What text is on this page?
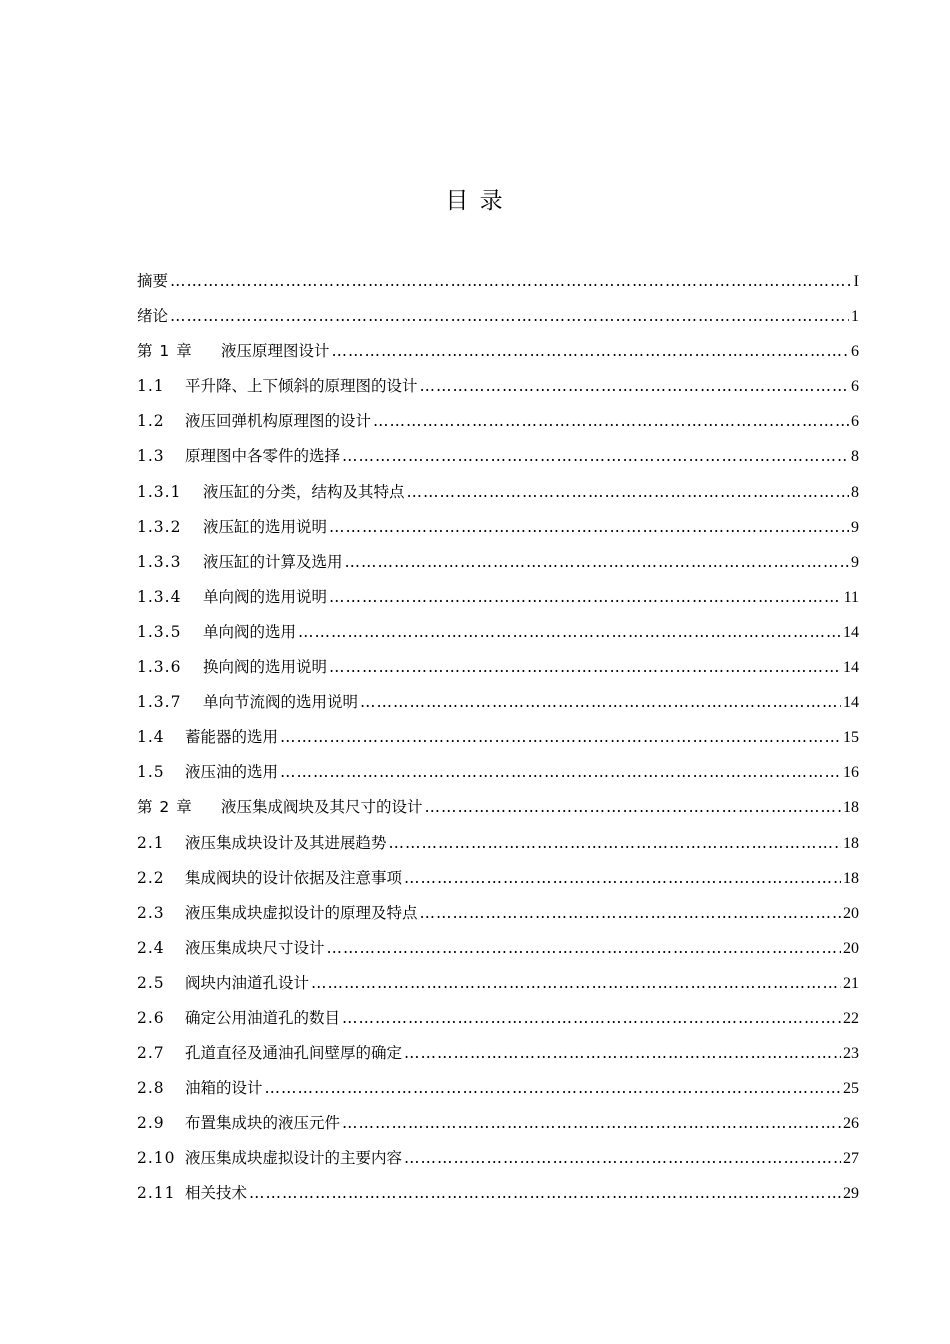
目 录
摘要 ……………………………………………………………………………………………………………………………………………………	I
绪论 ……………………………………………………………………………………………………………………………………………………	1
第 1 章	液压原理图设计 ……………………………………………………………………………………………………………………………………………………	6
1.1	平升降、上下倾斜的原理图的设计 ……………………………………………………………………………………………………………………………………………………	6
1.2	液压回弹机构原理图的设计 ……………………………………………………………………………………………………………………………………………………	6
1.3	原理图中各零件的选择 ……………………………………………………………………………………………………………………………………………………	8
1.3.1	液压缸的分类，结构及其特点 ……………………………………………………………………………………………………………………………………………………	8
1.3.2	液压缸的选用说明 ……………………………………………………………………………………………………………………………………………………	9
1.3.3	液压缸的计算及选用 ……………………………………………………………………………………………………………………………………………………	9
1.3.4	单向阀的选用说明 ……………………………………………………………………………………………………………………………………………………	11
1.3.5	单向阀的选用 ……………………………………………………………………………………………………………………………………………………	14
1.3.6	换向阀的选用说明 ……………………………………………………………………………………………………………………………………………………	14
1.3.7	单向节流阀的选用说明 ……………………………………………………………………………………………………………………………………………………	14
1.4	蓄能器的选用 ……………………………………………………………………………………………………………………………………………………	15
1.5	液压油的选用 ……………………………………………………………………………………………………………………………………………………	16
第 2 章	液压集成阀块及其尺寸的设计 ……………………………………………………………………………………………………………………………………………………	18
2.1	液压集成块设计及其进展趋势 ……………………………………………………………………………………………………………………………………………………	18
2.2	集成阀块的设计依据及注意事项 ……………………………………………………………………………………………………………………………………………………	18
2.3	液压集成块虚拟设计的原理及特点 ……………………………………………………………………………………………………………………………………………………	20
2.4	液压集成块尺寸设计 ……………………………………………………………………………………………………………………………………………………	20
2.5	阀块内油道孔设计 ……………………………………………………………………………………………………………………………………………………	21
2.6	确定公用油道孔的数目 ……………………………………………………………………………………………………………………………………………………	22
2.7	孔道直径及通油孔间壁厚的确定 ……………………………………………………………………………………………………………………………………………………	23
2.8	油箱的设计 ……………………………………………………………………………………………………………………………………………………	25
2.9	布置集成块的液压元件 ……………………………………………………………………………………………………………………………………………………	26
2.10 液压集成块虚拟设计的主要内容 ……………………………………………………………………………………………………………………………………………………	27
2.11 相关技术 ……………………………………………………………………………………………………………………………………………………	29
